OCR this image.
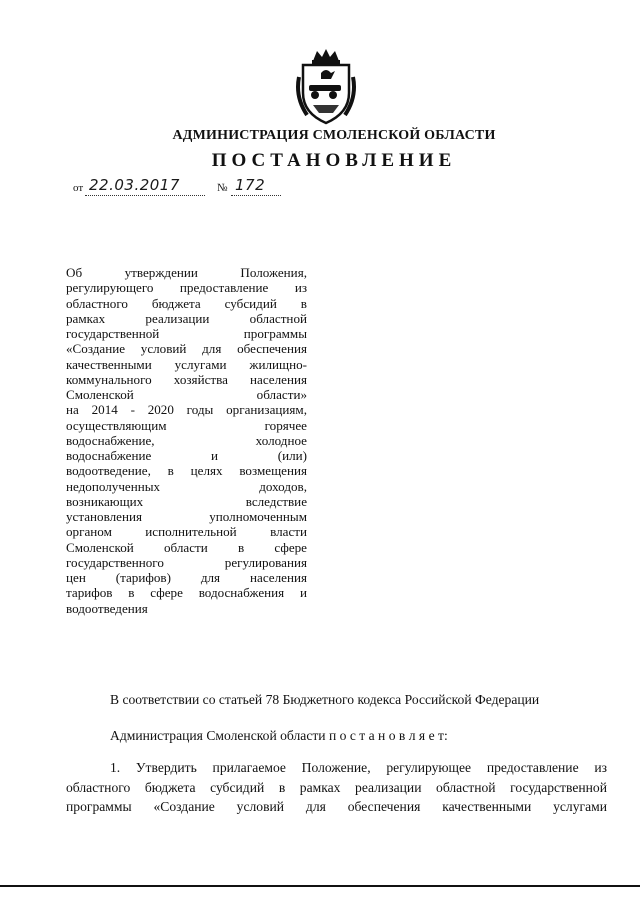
АДМИНИСТРАЦИЯ СМОЛЕНСКОЙ ОБЛАСТИ
ПОСТАНОВЛЕНИЕ
от 22.03.2017	№ 172
Об утверждении Положения,
регулирующего предоставление из
областного бюджета субсидий в
рамках реализации областной
государственной программы
«Создание условий для обеспечения
качественными услугами жилищно-
коммунального хозяйства населения
Смоленской области»
на 2014 - 2020 годы организациям,
осуществляющим горячее
водоснабжение, холодное
водоснабжение и (или)
водоотведение, в целях возмещения
недополученных доходов,
возникающих вследствие
установления уполномоченным
органом исполнительной власти
Смоленской области в сфере
государственного регулирования
цен (тарифов) для населения
тарифов в сфере водоснабжения и
водоотведения
В соответствии со статьей 78 Бюджетного кодекса Российской Федерации
Администрация Смоленской области п о с т а н о в л я е т:
1. Утвердить прилагаемое Положение, регулирующее предоставление из
областного бюджета субсидий в рамках реализации областной государственной
программы «Создание условий для обеспечения качественными услугами
